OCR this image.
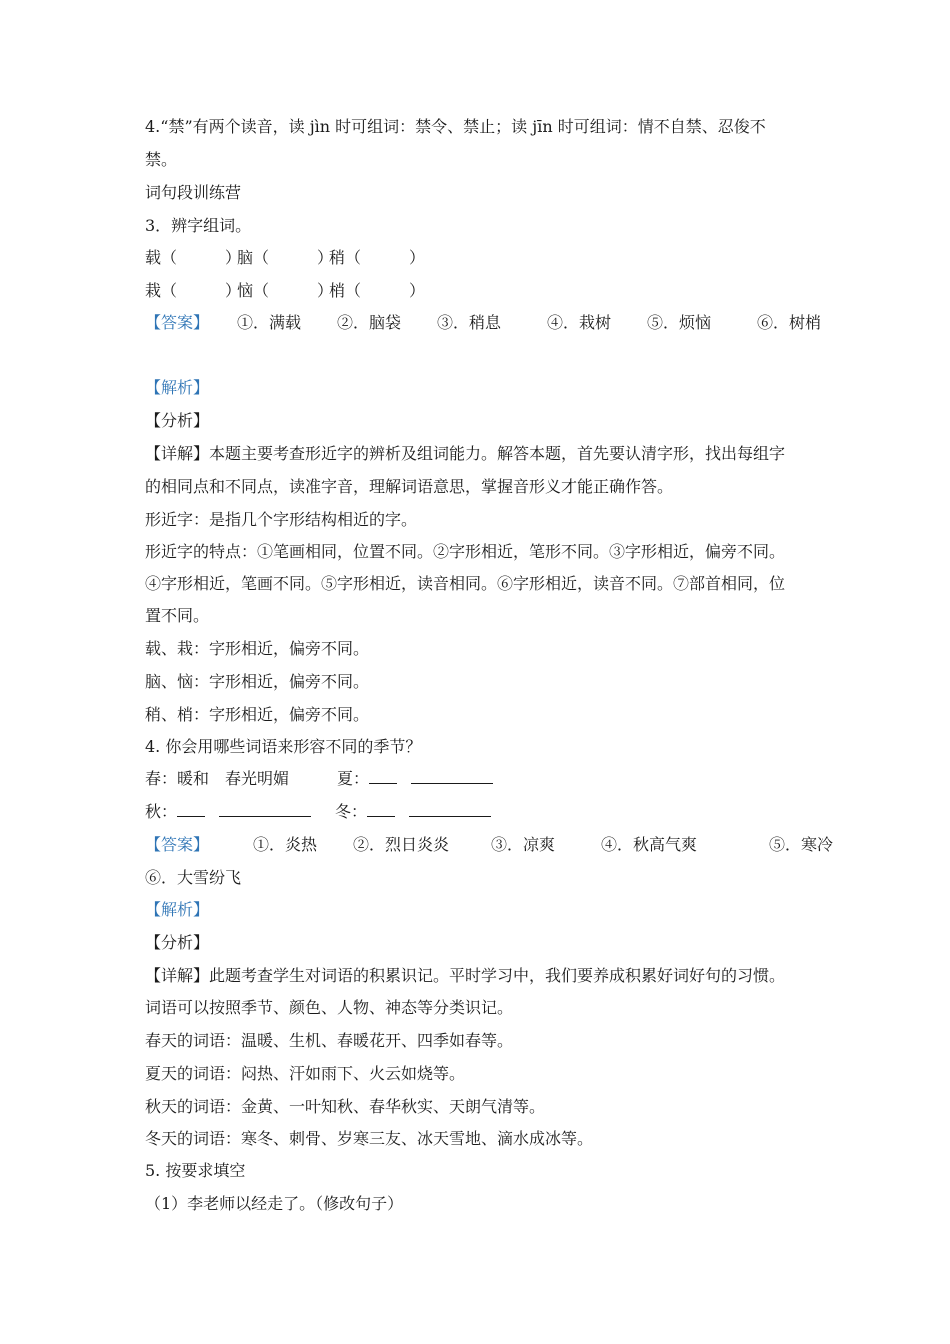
4.“禁”有两个读音，读 jìn 时可组词：禁令、禁止；读 jīn 时可组词：情不自禁、忍俊不
禁。
词句段训练营
3．辨字组词。
载（　　　）脑（　　　）稍（　　　）
栽（　　　）恼（　　　）梢（　　　）
【答案】 ①．满载 ②．脑袋 ③．稍息	④．栽树 ⑤．烦恼	⑥．树梢
【解析】
【分析】
【详解】本题主要考查形近字的辨析及组词能力。解答本题，首先要认清字形，找出每组字
的相同点和不同点，读准字音，理解词语意思，掌握音形义才能正确作答。
形近字：是指几个字形结构相近的字。
形近字的特点：①笔画相同，位置不同。②字形相近，笔形不同。③字形相近，偏旁不同。
④字形相近，笔画不同。⑤字形相近，读音相同。⑥字形相近，读音不同。⑦部首相同，位
置不同。
载、栽：字形相近，偏旁不同。
脑、恼：字形相近，偏旁不同。
稍、梢：字形相近，偏旁不同。
4. 你会用哪些词语来形容不同的季节？
春：暖和　春光明媚	夏：
秋：	冬：
【答案】	①．炎热 ②．烈日炎炎	③．凉爽	④．秋高气爽	⑤．寒冷
⑥．大雪纷飞
【解析】
【分析】
【详解】此题考查学生对词语的积累识记。平时学习中，我们要养成积累好词好句的习惯。
词语可以按照季节、颜色、人物、神态等分类识记。
春天的词语：温暖、生机、春暖花开、四季如春等。
夏天的词语：闷热、汗如雨下、火云如烧等。
秋天的词语：金黄、一叶知秋、春华秋实、天朗气清等。
冬天的词语：寒冬、刺骨、岁寒三友、冰天雪地、滴水成冰等。
5. 按要求填空
（1）李老师以经走了。（修改句子）
